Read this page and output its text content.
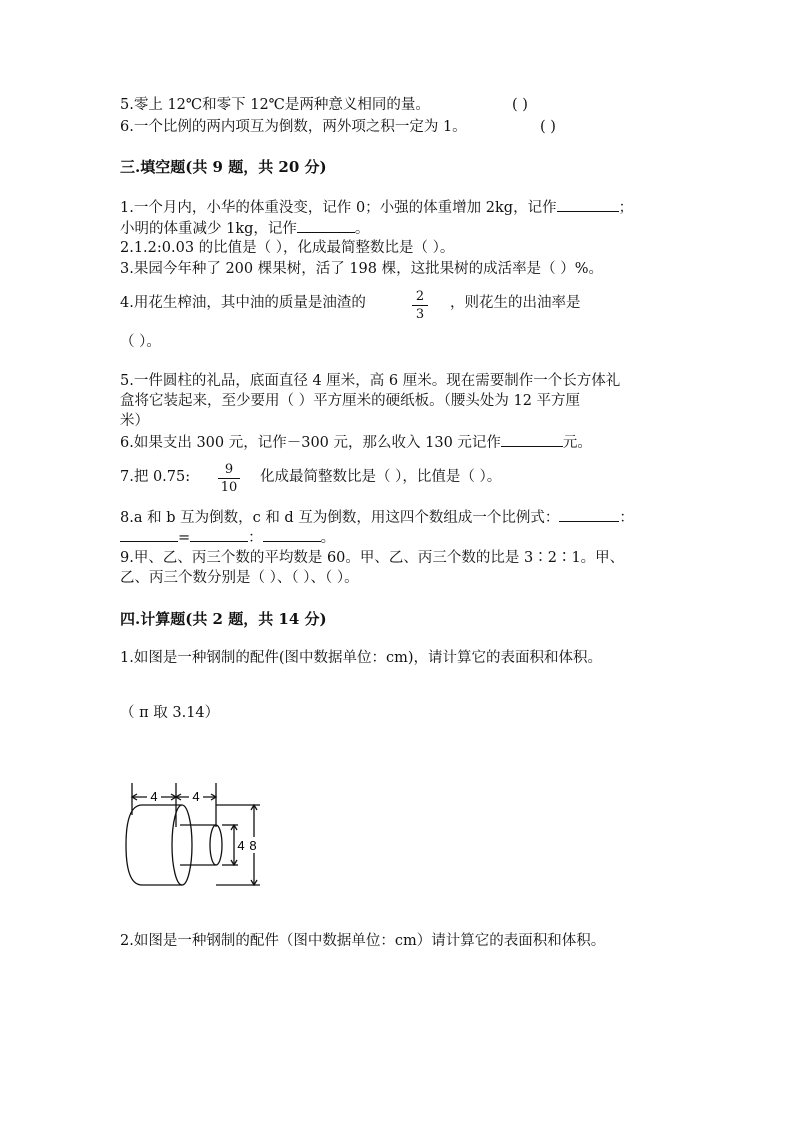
5.零上 12℃和零下 12℃是两种意义相同的量。	( )
6.一个比例的两内项互为倒数，两外项之积一定为 1。	( )
三.填空题(共 9 题，共 20 分)
1.一个月内，小华的体重没变，记作 0；小强的体重增加 2kg，记作	；
小明的体重减少 1kg，记作	。
2.1.2:0.03 的比值是（ ），化成最简整数比是（ ）。
3.果园今年种了 200 棵果树，活了 198 棵，这批果树的成活率是（ ）%。
4.用花生榨油，其中油的质量是油渣的	，则花生的出油率是
2
3
（ ）。
5.一件圆柱的礼品，底面直径 4 厘米，高 6 厘米。现在需要制作一个长方体礼
盒将它装起来，至少要用（ ）平方厘米的硬纸板。（腰头处为 12 平方厘
米）
6.如果支出 300 元，记作－300 元，那么收入 130 元记作	元。
7.把 0.75:	化成最简整数比是（ ），比值是（ ）。
9
10
8.a 和 b 互为倒数，c 和 d 互为倒数，用这四个数组成一个比例式：	：
=	：	。
9.甲、乙、丙三个数的平均数是 60。甲、乙、丙三个数的比是 3∶2∶1。甲、
乙、丙三个数分别是（ ）、（ ）、（ ）。
四.计算题(共 2 题，共 14 分)
1.如图是一种钢制的配件(图中数据单位：cm)，请计算它的表面积和体积。
（ π 取 3.14）
4	4
4 8
2.如图是一种钢制的配件（图中数据单位：cm）请计算它的表面积和体积。
